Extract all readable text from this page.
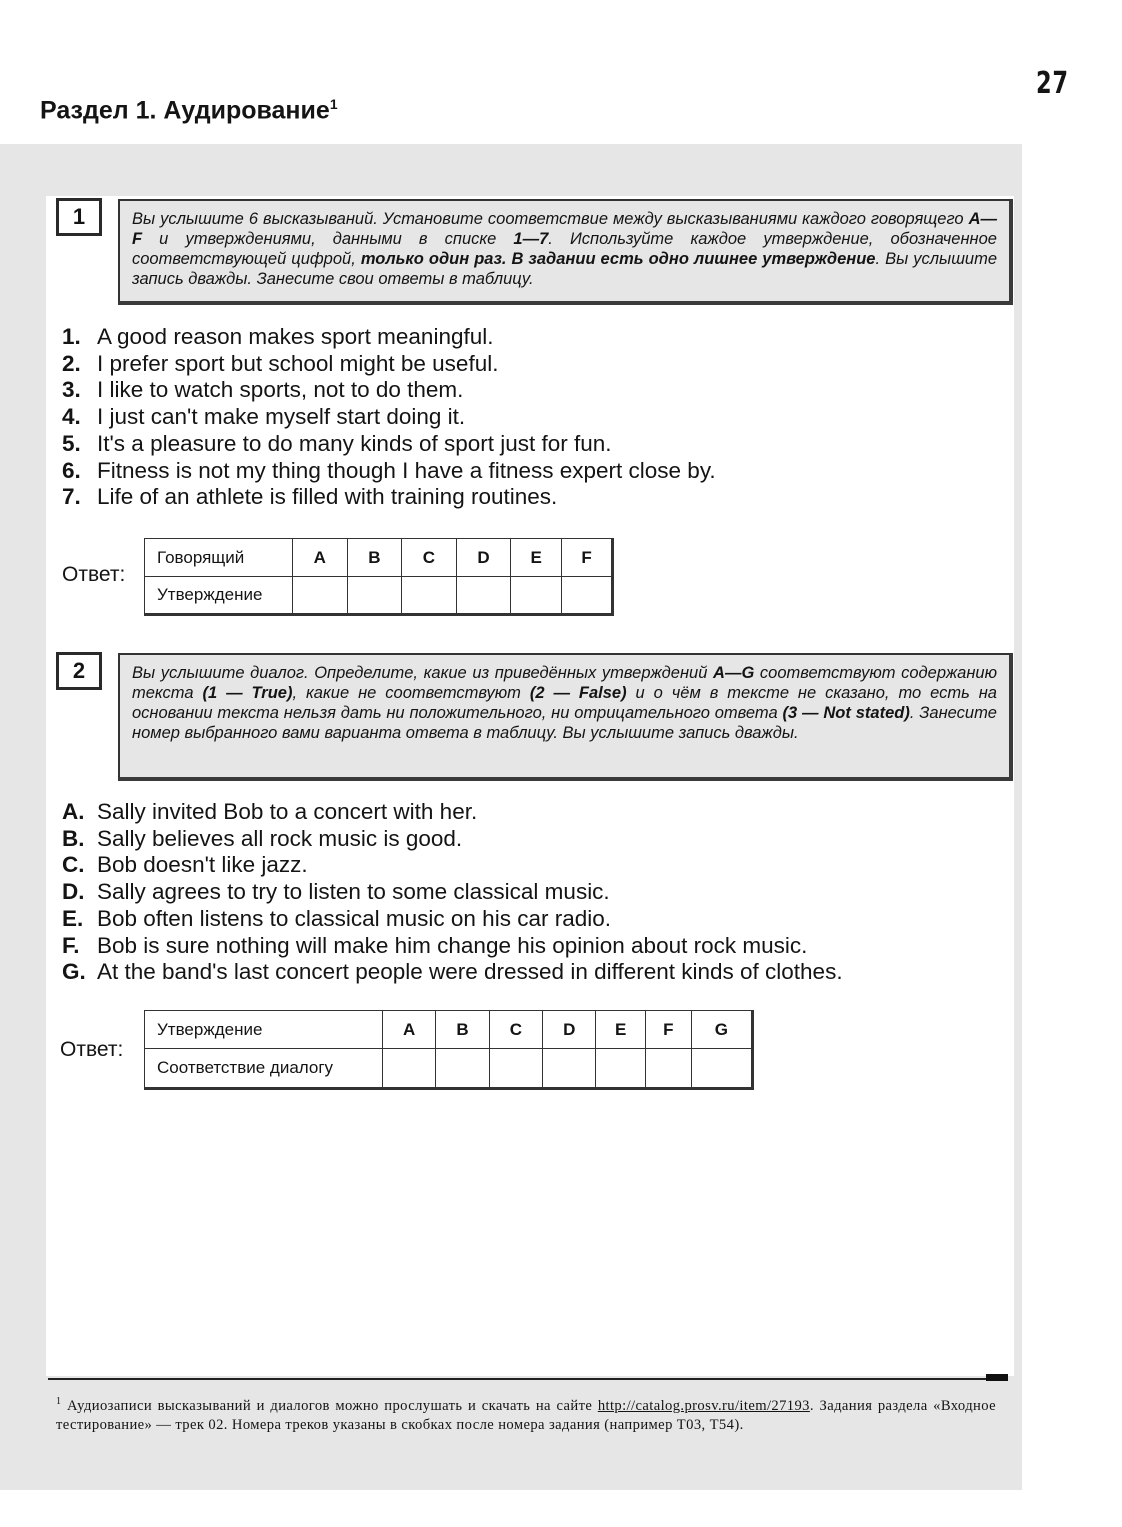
27
Раздел 1. Аудирование$^1$
1	Вы услышите 6 высказываний. Установите соответствие между высказываниями каждого говорящего A—F и утверждениями, данными в списке 1—7. Используйте каждое утверждение, обозначенное соответствующей цифрой, только один раз. В задании есть одно лишнее утверждение. Вы услышите запись дважды. Занесите свои ответы в таблицу.
1. A good reason makes sport meaningful.
2. I prefer sport but school might be useful.
3. I like to watch sports, not to do them.
4. I just can't make myself start doing it.
5. It's a pleasure to do many kinds of sport just for fun.
6. Fitness is not my thing though I have a fitness expert close by.
7. Life of an athlete is filled with training routines.
Ответ:
Говорящий	A	B	C	D	E	F
Утверждение						
2	Вы услышите диалог. Определите, какие из приведённых утверждений A—G соответствуют содержанию текста (1 — True), какие не соответствуют (2 — False) и о чём в тексте не сказано, то есть на основании текста нельзя дать ни положительного, ни отрицательного ответа (3 — Not stated). Занесите номер выбранного вами варианта ответа в таблицу. Вы услышите запись дважды.
A. Sally invited Bob to a concert with her.
B. Sally believes all rock music is good.
C. Bob doesn't like jazz.
D. Sally agrees to try to listen to some classical music.
E. Bob often listens to classical music on his car radio.
F. Bob is sure nothing will make him change his opinion about rock music.
G. At the band's last concert people were dressed in different kinds of clothes.
Ответ:
Утверждение	A	B	C	D	E	F	G
Соответствие диалогу							
$^1$ Аудиозаписи высказываний и диалогов можно прослушать и скачать на сайте http://catalog.prosv.ru/item/27193. Задания раздела «Входное тестирование» — трек 02. Номера треков указаны в скобках после номера задания (например Т03, Т54).
